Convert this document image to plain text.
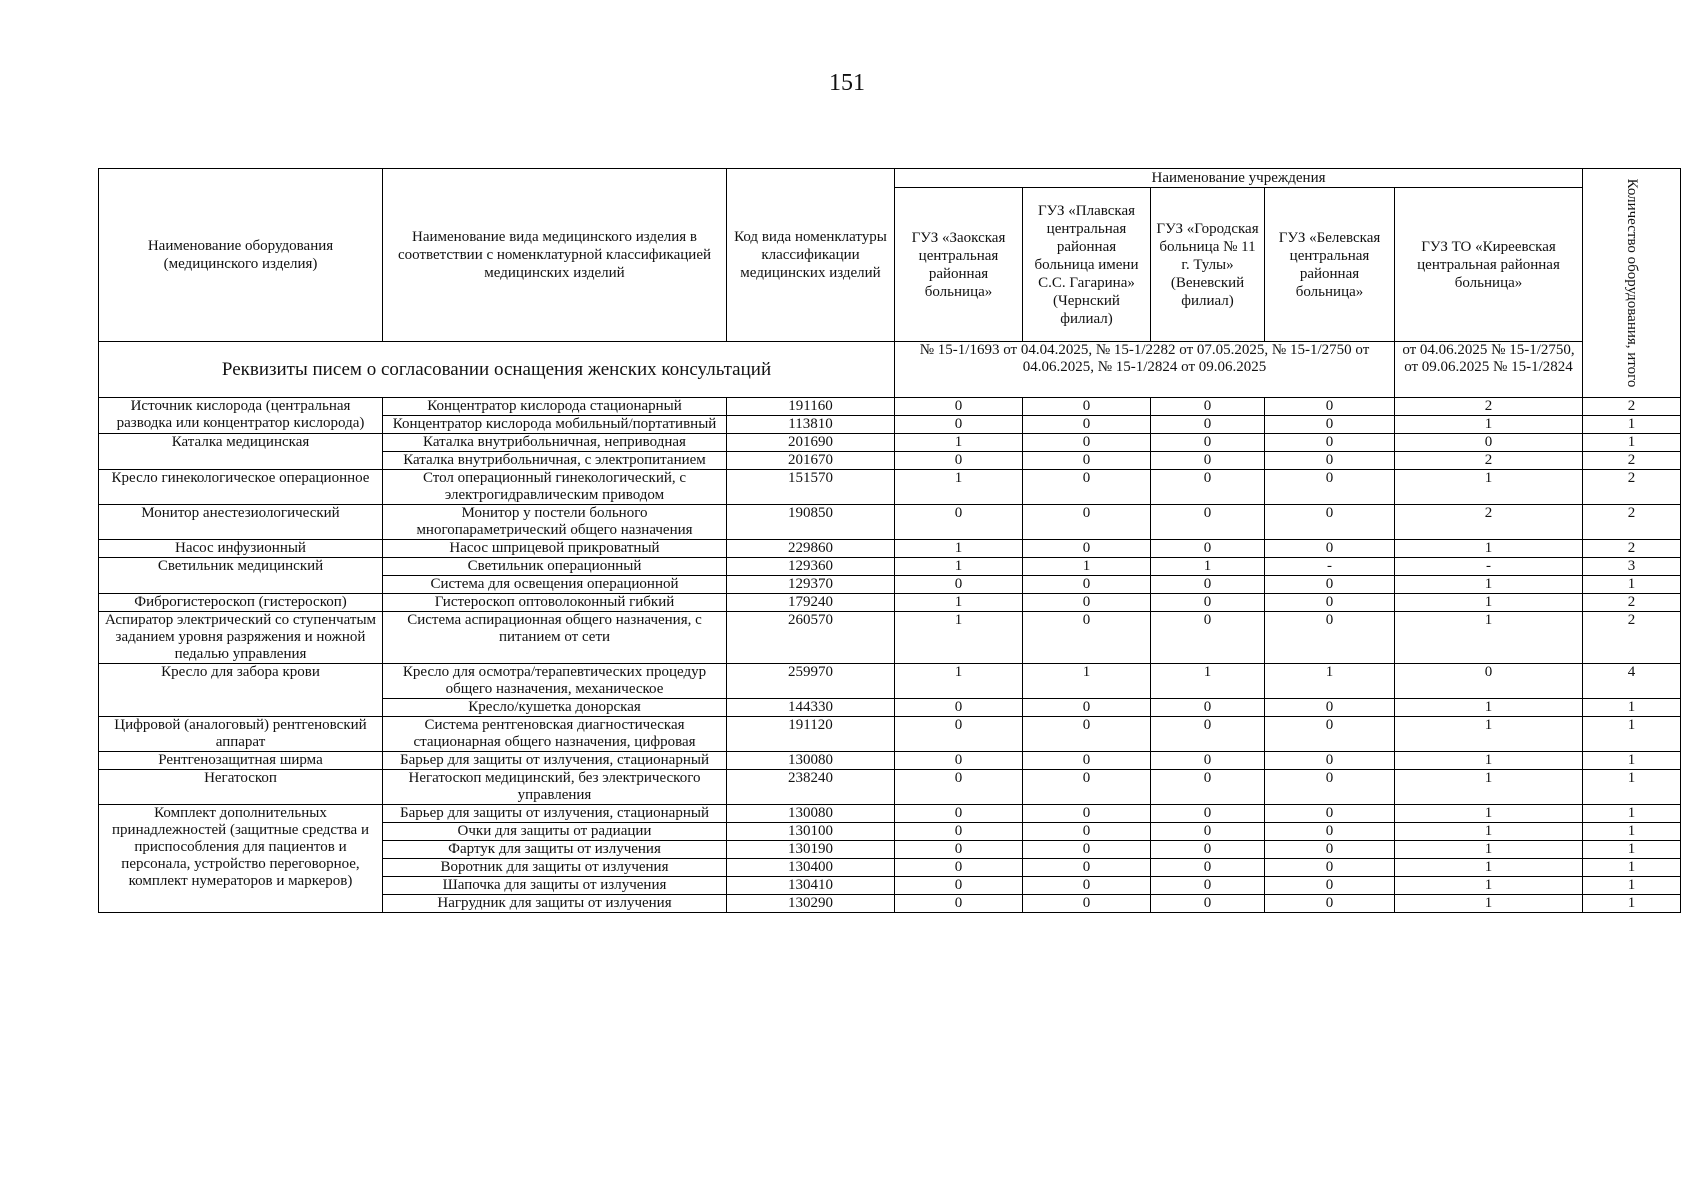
151
Наименование оборудования (медицинского изделия)	Наименование вида медицинского изделия в соответствии с номенклатурной классификацией медицинских изделий	Код вида номенклатуры классификации медицинских изделий	Наименование учреждения					Количество оборудования, итого

			ГУЗ «Заокская центральная районная больница»	ГУЗ «Плавская центральная районная больница имени С.С. Гагарина» (Чернский филиал)	ГУЗ «Городская больница № 11 г. Тулы» (Веневский филиал)	ГУЗ «Белевская центральная районная больница»	ГУЗ ТО «Киреевская центральная районная больница»	
Реквизиты писем о согласовании оснащения женских консультаций			№ 15-1/1693 от 04.04.2025, № 15-1/2282 от 07.05.2025, № 15-1/2750 от 04.06.2025, № 15-1/2824 от 09.06.2025				от 04.06.2025 № 15-1/2750, от 09.06.2025 № 15-1/2824	
Источник кислорода (центральная разводка или концентратор кислорода)	Концентратор кислорода стационарный	191160	0	0	0	0	2	2
	Концентратор кислорода мобильный/портативный	113810	0	0	0	0	1	1
Каталка медицинская	Каталка внутрибольничная, неприводная	201690	1	0	0	0	0	1
	Каталка внутрибольничная, с электропитанием	201670	0	0	0	0	2	2
Кресло гинекологическое операционное	Стол операционный гинекологический, с электрогидравлическим приводом	151570	1	0	0	0	1	2
Монитор анестезиологический	Монитор у постели больного многопараметрический общего назначения	190850	0	0	0	0	2	2
Насос инфузионный	Насос шприцевой прикроватный	229860	1	0	0	0	1	2
Светильник медицинский	Светильник операционный	129360	1	1	1	-	-	3
	Система для освещения операционной	129370	0	0	0	0	1	1
Фиброгистероскоп (гистероскоп)	Гистероскоп оптоволоконный гибкий	179240	1	0	0	0	1	2
Аспиратор электрический со ступенчатым заданием уровня разряжения и ножной педалью управления	Система аспирационная общего назначения, с питанием от сети	260570	1	0	0	0	1	2
Кресло для забора крови	Кресло для осмотра/терапевтических процедур общего назначения, механическое	259970	1	1	1	1	0	4
	Кресло/кушетка донорская	144330	0	0	0	0	1	1
Цифровой (аналоговый) рентгеновский аппарат	Система рентгеновская диагностическая стационарная общего назначения, цифровая	191120	0	0	0	0	1	1
Рентгенозащитная ширма	Барьер для защиты от излучения, стационарный	130080	0	0	0	0	1	1
Негатоскоп	Негатоскоп медицинский, без электрического управления	238240	0	0	0	0	1	1
Комплект дополнительных принадлежностей (защитные средства и приспособления для пациентов и персонала, устройство переговорное, комплект нумераторов и маркеров)	Барьер для защиты от излучения, стационарный	130080	0	0	0	0	1	1
	Очки для защиты от радиации	130100	0	0	0	0	1	1
	Фартук для защиты от излучения	130190	0	0	0	0	1	1
	Воротник для защиты от излучения	130400	0	0	0	0	1	1
	Шапочка для защиты от излучения	130410	0	0	0	0	1	1
	Нагрудник для защиты от излучения	130290	0	0	0	0	1	1
